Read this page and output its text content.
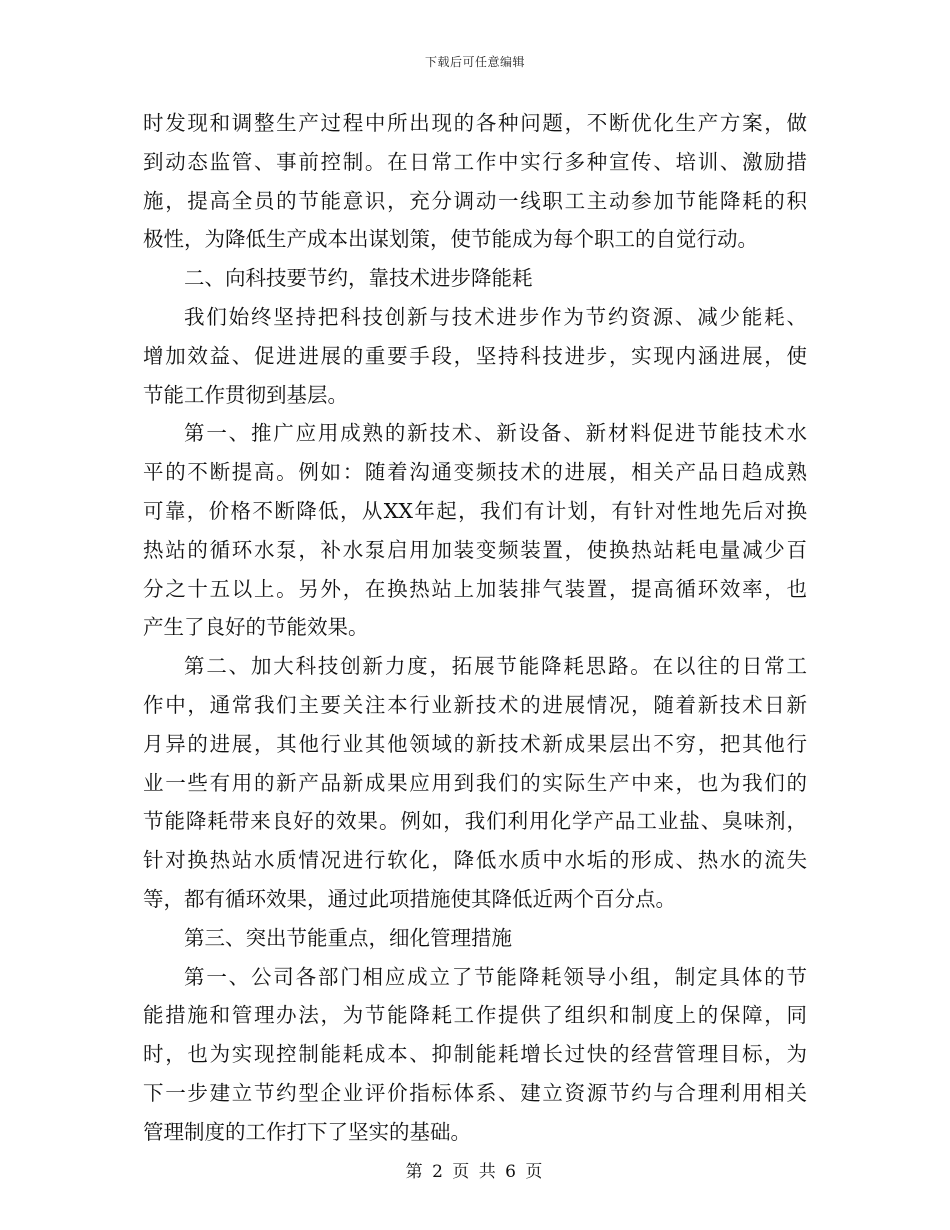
下载后可任意编辑
时发现和调整生产过程中所出现的各种问题，不断优化生产方案，做
到动态监管、事前控制。在日常工作中实行多种宣传、培训、激励措
施，提高全员的节能意识，充分调动一线职工主动参加节能降耗的积
极性，为降低生产成本出谋划策，使节能成为每个职工的自觉行动。
二、向科技要节约，靠技术进步降能耗
我们始终坚持把科技创新与技术进步作为节约资源、减少能耗、
增加效益、促进进展的重要手段，坚持科技进步，实现内涵进展，使
节能工作贯彻到基层。
第一、推广应用成熟的新技术、新设备、新材料促进节能技术水
平的不断提高。例如：随着沟通变频技术的进展，相关产品日趋成熟
可靠，价格不断降低，从XX年起，我们有计划，有针对性地先后对换
热站的循环水泵，补水泵启用加装变频装置，使换热站耗电量减少百
分之十五以上。另外，在换热站上加装排气装置，提高循环效率，也
产生了良好的节能效果。
第二、加大科技创新力度，拓展节能降耗思路。在以往的日常工
作中，通常我们主要关注本行业新技术的进展情况，随着新技术日新
月异的进展，其他行业其他领域的新技术新成果层出不穷，把其他行
业一些有用的新产品新成果应用到我们的实际生产中来，也为我们的
节能降耗带来良好的效果。例如，我们利用化学产品工业盐、臭味剂，
针对换热站水质情况进行软化，降低水质中水垢的形成、热水的流失
等，都有循环效果，通过此项措施使其降低近两个百分点。
第三、突出节能重点，细化管理措施
第一、公司各部门相应成立了节能降耗领导小组，制定具体的节
能措施和管理办法，为节能降耗工作提供了组织和制度上的保障，同
时，也为实现控制能耗成本、抑制能耗增长过快的经营管理目标，为
下一步建立节约型企业评价指标体系、建立资源节约与合理利用相关
管理制度的工作打下了坚实的基础。
第 2 页 共 6 页
